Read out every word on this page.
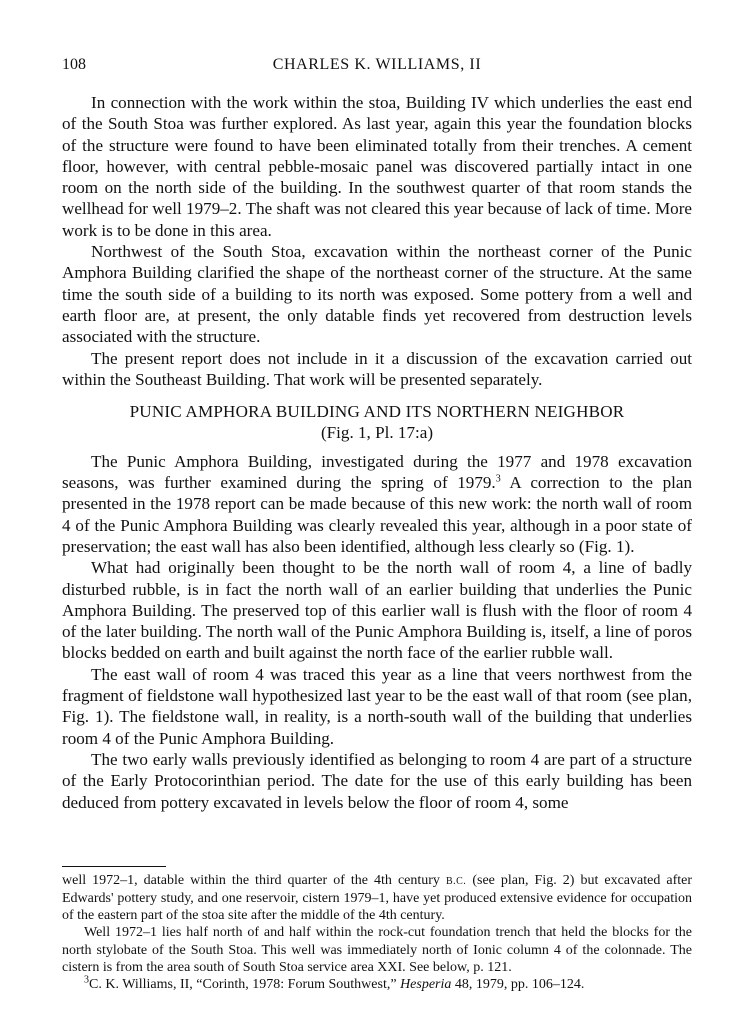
108	CHARLES K. WILLIAMS, II

In connection with the work within the stoa, Building IV which underlies the east end of the South Stoa was further explored. As last year, again this year the foundation blocks of the structure were found to have been eliminated totally from their trenches. A cement floor, however, with central pebble-mosaic panel was discovered partially intact in one room on the north side of the building. In the southwest quarter of that room stands the wellhead for well 1979–2. The shaft was not cleared this year because of lack of time. More work is to be done in this area.

Northwest of the South Stoa, excavation within the northeast corner of the Punic Amphora Building clarified the shape of the northeast corner of the structure. At the same time the south side of a building to its north was exposed. Some pottery from a well and earth floor are, at present, the only datable finds yet recovered from destruction levels associated with the structure.

The present report does not include in it a discussion of the excavation carried out within the Southeast Building. That work will be presented separately.

PUNIC AMPHORA BUILDING AND ITS NORTHERN NEIGHBOR
(Fig. 1, Pl. 17:a)

The Punic Amphora Building, investigated during the 1977 and 1978 excavation seasons, was further examined during the spring of 1979.$^3$ A correction to the plan presented in the 1978 report can be made because of this new work: the north wall of room 4 of the Punic Amphora Building was clearly revealed this year, although in a poor state of preservation; the east wall has also been identified, although less clearly so (Fig. 1).

What had originally been thought to be the north wall of room 4, a line of badly disturbed rubble, is in fact the north wall of an earlier building that underlies the Punic Amphora Building. The preserved top of this earlier wall is flush with the floor of room 4 of the later building. The north wall of the Punic Amphora Building is, itself, a line of poros blocks bedded on earth and built against the north face of the earlier rubble wall.

The east wall of room 4 was traced this year as a line that veers northwest from the fragment of fieldstone wall hypothesized last year to be the east wall of that room (see plan, Fig. 1). The fieldstone wall, in reality, is a north-south wall of the building that underlies room 4 of the Punic Amphora Building.

The two early walls previously identified as belonging to room 4 are part of a structure of the Early Protocorinthian period. The date for the use of this early building has been deduced from pottery excavated in levels below the floor of room 4, some

well 1972–1, datable within the third quarter of the 4th century B.C. (see plan, Fig. 2) but excavated after Edwards' pottery study, and one reservoir, cistern 1979–1, have yet produced extensive evidence for occupation of the eastern part of the stoa site after the middle of the 4th century.

Well 1972–1 lies half north of and half within the rock-cut foundation trench that held the blocks for the north stylobate of the South Stoa. This well was immediately north of Ionic column 4 of the colonnade. The cistern is from the area south of South Stoa service area XXI. See below, p. 121.

$^3$C. K. Williams, II, “Corinth, 1978: Forum Southwest,” Hesperia 48, 1979, pp. 106–124.
